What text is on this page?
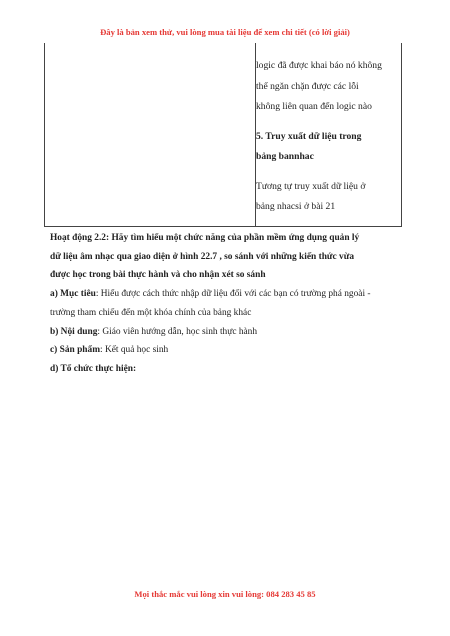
Đây là bản xem thử, vui lòng mua tài liệu để xem chi tiết (có lời giải)

logic đã được khai báo nó không

thể ngăn chặn được các lỗi

không liên quan đến logic nào

5. Truy xuất dữ liệu trong

bảng bannhac

Tương tự truy xuất dữ liệu ở

bảng nhacsi ở bài 21

Hoạt động 2.2: Hãy tìm hiểu một chức năng của phần mềm ứng dụng quản lý

dữ liệu âm nhạc qua giao diện ở hình 22.7 , so sánh với những kiến thức vừa

được học trong bài thực hành và cho nhận xét so sánh

a) Mục tiêu: Hiểu được cách thức nhập dữ liệu đối với các bạn có trường phá ngoài -

trường tham chiếu đến một khóa chính của bảng khác

b) Nội dung: Giáo viên hướng dẫn, học sinh thực hành

c) Sản phẩm: Kết quả học sinh

d) Tổ chức thực hiện:

Mọi thắc mắc vui lòng xin vui lòng: 084 283 45 85
